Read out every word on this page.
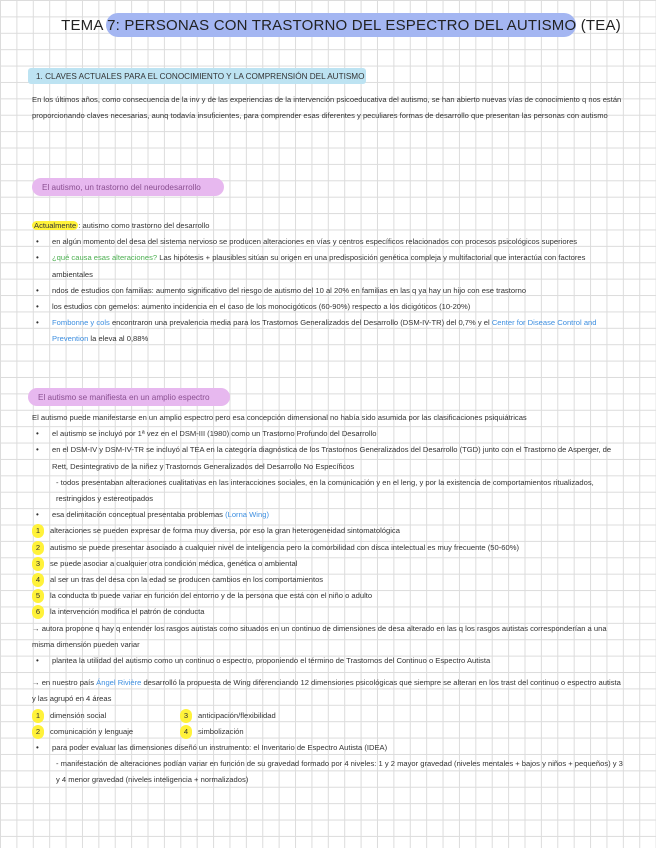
TEMA 7: PERSONAS CON TRASTORNO DEL ESPECTRO DEL AUTISMO (TEA)
1. CLAVES ACTUALES PARA EL CONOCIMIENTO Y LA COMPRENSIÓN DEL AUTISMO
En los últimos años, como consecuencia de la inv y de las experiencias de la intervención psicoeducativa del autismo, se han abierto nuevas vías de conocimiento q nos están proporcionando claves necesarias, aunq todavía insuficientes, para comprender esas diferentes y peculiares formas de desarrollo que presentan las personas con autismo
El autismo, un trastorno del neurodesarrollo

Actualmente : autismo como trastorno del desarrollo

• en algún momento del desa del sistema nervioso se producen alteraciones en vías y centros específicos relacionados con procesos psicológicos superiores
• ¿qué causa esas alteraciones? Las hipótesis + plausibles sitúan su origen en una predisposición genética compleja y multifactorial que interactúa con factores ambientales
• ndos de estudios con familias: aumento significativo del riesgo de autismo del 10 al 20% en familias en las q ya hay un hijo con ese trastorno
• los estudios con gemelos: aumento incidencia en el caso de los monocigóticos (60-90%) respecto a los dicigóticos (10-20%)
• Fombonne y cols encontraron una prevalencia media para los Trastornos Generalizados del Desarrollo (DSM-IV-TR) del 0,7% y el Center for Disease Control and Prevention la eleva al 0,88%
El autismo se manifiesta en un amplio espectro

El autismo puede manifestarse en un amplio espectro pero esa concepción dimensional no había sido asumida por las clasificaciones psiquiátricas

• el autismo se incluyó por 1ª vez en el DSM-III (1980) como un Trastorno Profundo del Desarrollo
• en el DSM-IV y DSM-IV-TR se incluyó al TEA en la categoría diagnóstica de los Trastornos Generalizados del Desarrollo (TGD) junto con el Trastorno de Asperger, de Rett, Desintegrativo de la niñez y Trastornos Generalizados del Desarrollo No Específicos
- todos presentaban alteraciones cualitativas en las interacciones sociales, en la comunicación y en el leng, y por la existencia de comportamientos ritualizados, restringidos y estereotipados
• esa delimitación conceptual presentaba problemas (Lorna Wing)

1 alteraciones se pueden expresar de forma muy diversa, por eso la gran heterogeneidad sintomatológica

2 autismo se puede presentar asociado a cualquier nivel de inteligencia pero la comorbilidad con disca intelectual es muy frecuente (50-60%)

3 se puede asociar a cualquier otra condición médica, genética o ambiental

4 al ser un tras del desa con la edad se producen cambios en los comportamientos

5 la conducta tb puede variar en función del entorno y de la persona que está con el niño o adulto

6 la intervención modifica el patrón de conducta

→ autora propone q hay q entender los rasgos autistas como situados en un continuo de dimensiones de desa alterado en las q los rasgos autistas corresponderían a una misma dimensión pueden variar

• plantea la utilidad del autismo como un continuo o espectro, proponiendo el término de Trastornos del Continuo o Espectro Autista

→ en nuestro país Ángel Rivière desarrolló la propuesta de Wing diferenciando 12 dimensiones psicológicas que siempre se alteran en los trast del continuo o espectro autista y las agrupó en 4 áreas

1 dimensión social

2 comunicación y lenguaje

3 anticipación/flexibilidad

4 simbolización

• para poder evaluar las dimensiones diseñó un instrumento: el Inventario de Espectro Autista (IDEA)
- manifestación de alteraciones podían variar en función de su gravedad formado por 4 niveles: 1 y 2 mayor gravedad (niveles mentales + bajos y niños + pequeños) y 3 y 4 menor gravedad (niveles inteligencia + normalizados)
